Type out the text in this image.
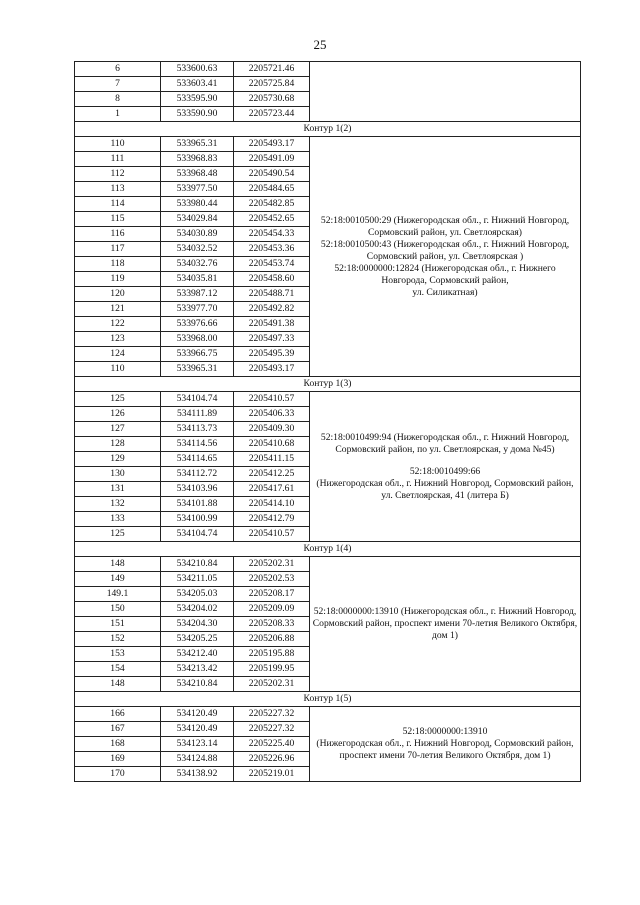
25
6	533600.63	2205721.46	
7	533603.41	2205725.84	
8	533595.90	2205730.68	
1	533590.90	2205723.44	
Контур 1(2)			
110	533965.31	2205493.17	52:18:0010500:29 (Нижегородская обл., г. Нижний Новгород, Сормовский район, ул. Светлоярская)
52:18:0010500:43 (Нижегородская обл., г. Нижний Новгород, Сормовский район, ул. Светлоярская )
52:18:0000000:12824 (Нижегородская обл., г. Нижнего Новгорода, Сормовский район,
ул. Силикатная)

111	533968.83	2205491.09	
112	533968.48	2205490.54	
113	533977.50	2205484.65	
114	533980.44	2205482.85	
115	534029.84	2205452.65	
116	534030.89	2205454.33	
117	534032.52	2205453.36	
118	534032.76	2205453.74	
119	534035.81	2205458.60	
120	533987.12	2205488.71	
121	533977.70	2205492.82	
122	533976.66	2205491.38	
123	533968.00	2205497.33	
124	533966.75	2205495.39	
110	533965.31	2205493.17	
Контур 1(3)			
125	534104.74	2205410.57	52:18:0010499:94 (Нижегородская обл., г. Нижний Новгород, Сормовский район, по ул. Светлоярская, у дома №45)
52:18:0010499:66
(Нижегородская обл., г. Нижний Новгород, Сормовский район,
ул. Светлоярская, 41 (литера Б)

126	534111.89	2205406.33	
127	534113.73	2205409.30	
128	534114.56	2205410.68	
129	534114.65	2205411.15	
130	534112.72	2205412.25	
131	534103.96	2205417.61	
132	534101.88	2205414.10	
133	534100.99	2205412.79	
125	534104.74	2205410.57	
Контур 1(4)			
148	534210.84	2205202.31	52:18:0000000:13910 (Нижегородская обл., г. Нижний Новгород, Сормовский район, проспект имени 70-летия Великого Октября, дом 1)

149	534211.05	2205202.53	
149.1	534205.03	2205208.17	
150	534204.02	2205209.09	
151	534204.30	2205208.33	
152	534205.25	2205206.88	
153	534212.40	2205195.88	
154	534213.42	2205199.95	
148	534210.84	2205202.31	
Контур 1(5)			
166	534120.49	2205227.32	52:18:0000000:13910
(Нижегородская обл., г. Нижний Новгород, Сормовский район, проспект имени 70-летия Великого Октября, дом 1)

167	534120.49	2205227.32	
168	534123.14	2205225.40	
169	534124.88	2205226.96	
170	534138.92	2205219.01	
